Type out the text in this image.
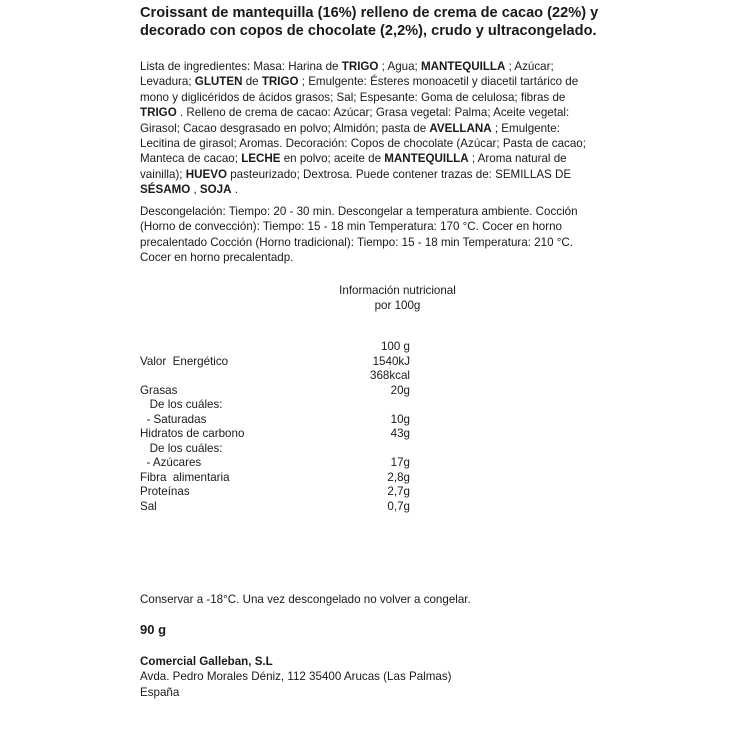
Croissant de mantequilla (16%) relleno de crema de cacao (22%) y decorado con copos de chocolate (2,2%), crudo y ultracongelado.

Lista de ingredientes: Masa: Harina de TRIGO ; Agua; MANTEQUILLA ; Azúcar; Levadura; GLUTEN de TRIGO ; Emulgente: Ésteres monoacetil y diacetil tartárico de mono y diglicéridos de ácidos grasos; Sal; Espesante: Goma de celulosa; fibras de TRIGO . Relleno de crema de cacao: Azúcar; Grasa vegetal: Palma; Aceite vegetal: Girasol; Cacao desgrasado en polvo; Almidón; pasta de AVELLANA ; Emulgente: Lecitina de girasol; Aromas. Decoración: Copos de chocolate (Azúcar; Pasta de cacao; Manteca de cacao; LECHE en polvo; aceite de MANTEQUILLA ; Aroma natural de vainilla); HUEVO pasteurizado; Dextrosa. Puede contener trazas de: SEMILLAS DE SÉSAMO , SOJA .

Descongelación: Tiempo: 20 - 30 min. Descongelar a temperatura ambiente. Cocción (Horno de convección): Tiempo: 15 - 18 min Temperatura: 170 °C. Cocer en horno precalentado Cocción (Horno tradicional): Tiempo: 15 - 18 min Temperatura: 210 °C. Cocer en horno precalentadp.

Información nutricional
por 100g
100 g
Valor  Energético	1540kJ
368kcal
Grasas	20g
De los cuáles:
- Saturadas	10g
Hidratos de carbono	43g
De los cuáles:
- Azúcares	17g
Fibra  alimentaria	2,8g
Proteínas	2,7g
Sal	0,7g

Conservar a -18°C. Una vez descongelado no volver a congelar.

90 g
Comercial Galleban, S.L
Avda. Pedro Morales Déniz, 112 35400 Arucas (Las Palmas)
España
